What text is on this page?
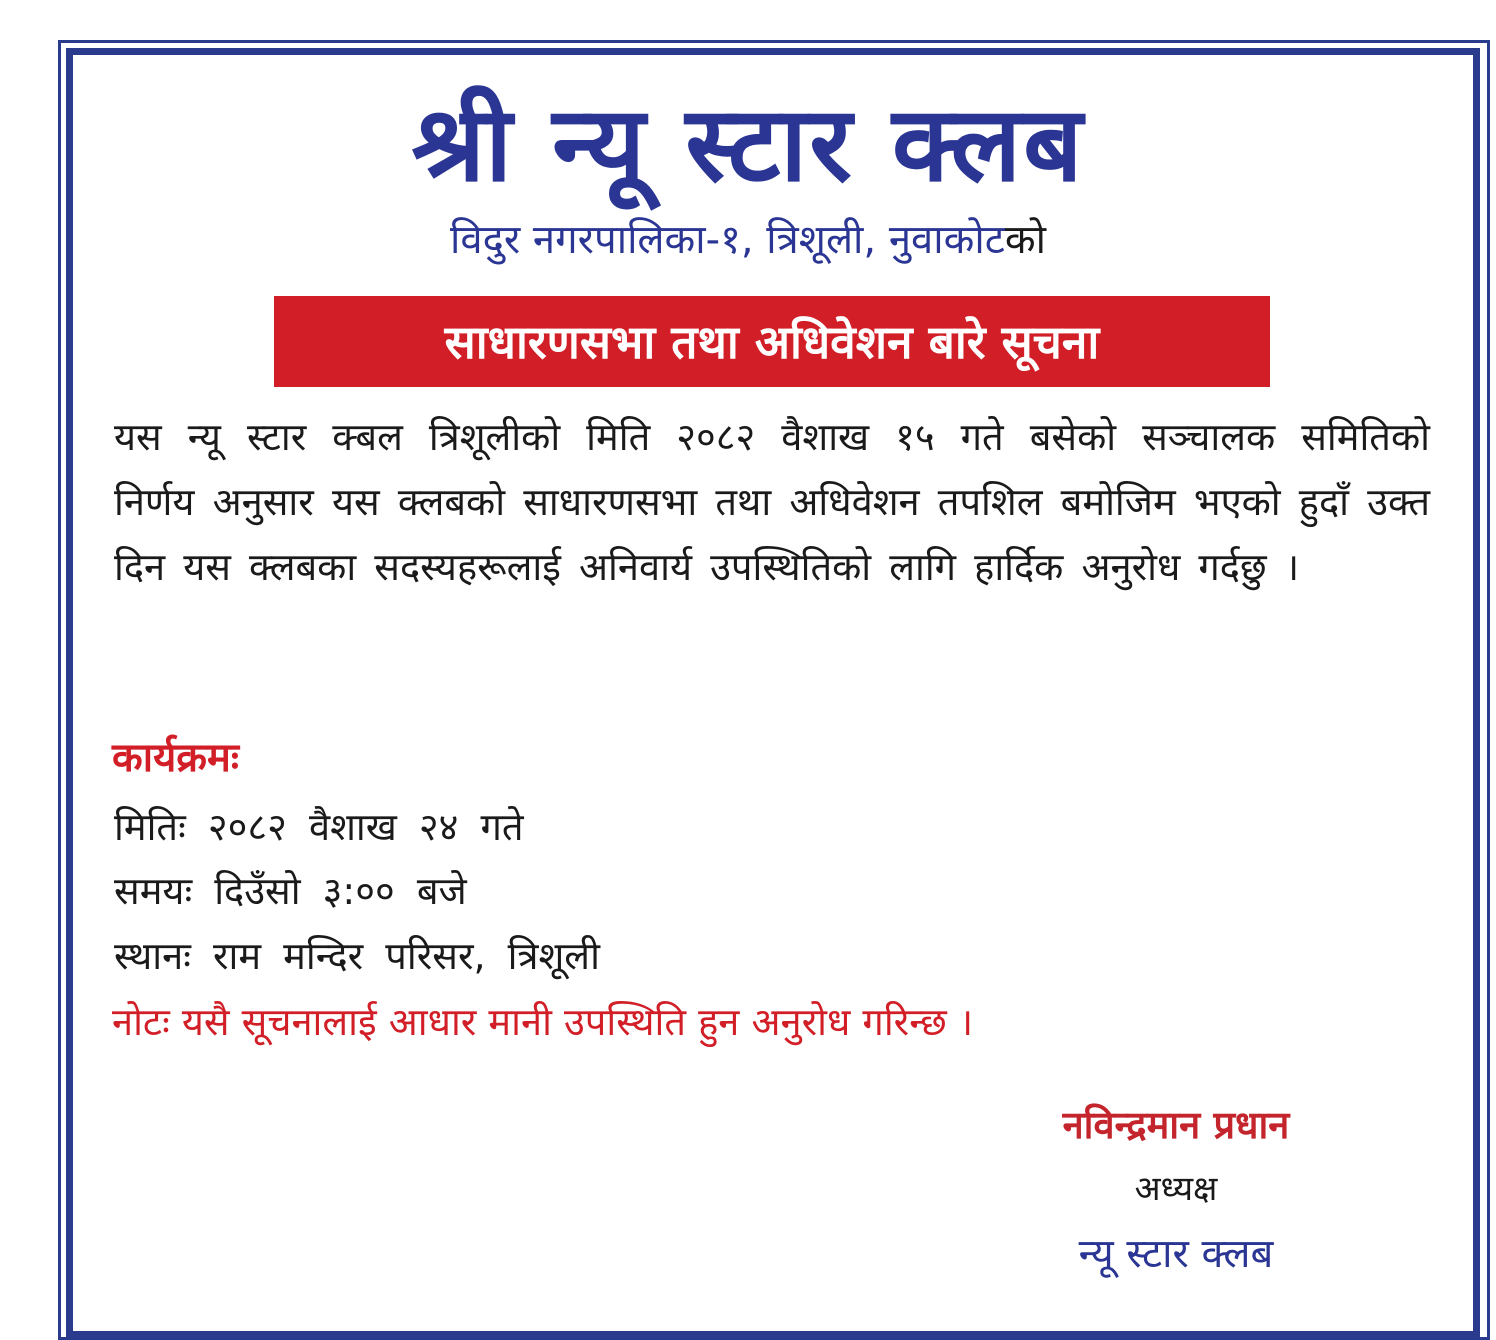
श्री न्यू स्टार क्लब
विदुर नगरपालिका-१, त्रिशूली, नुवाकोटको
साधारणसभा तथा अधिवेशन बारे सूचना
यस न्यू स्टार क्बल त्रिशूलीको मिति २०८२ वैशाख १५ गते बसेको सञ्चालक समितिको निर्णय अनुसार यस क्लबको साधारणसभा तथा अधिवेशन तपशिल बमोजिम भएको हुदाँ उक्त दिन यस क्लबका सदस्यहरूलाई अनिवार्य उपस्थितिको लागि हार्दिक अनुरोध गर्दछु ।
कार्यक्रमः
मितिः २०८२ वैशाख २४ गते
समयः दिउँसो ३:०० बजे
स्थानः राम मन्दिर परिसर, त्रिशूली
नोटः यसै सूचनालाई आधार मानी उपस्थिति हुन अनुरोध गरिन्छ ।
नविन्द्रमान प्रधान
अध्यक्ष
न्यू स्टार क्लब
